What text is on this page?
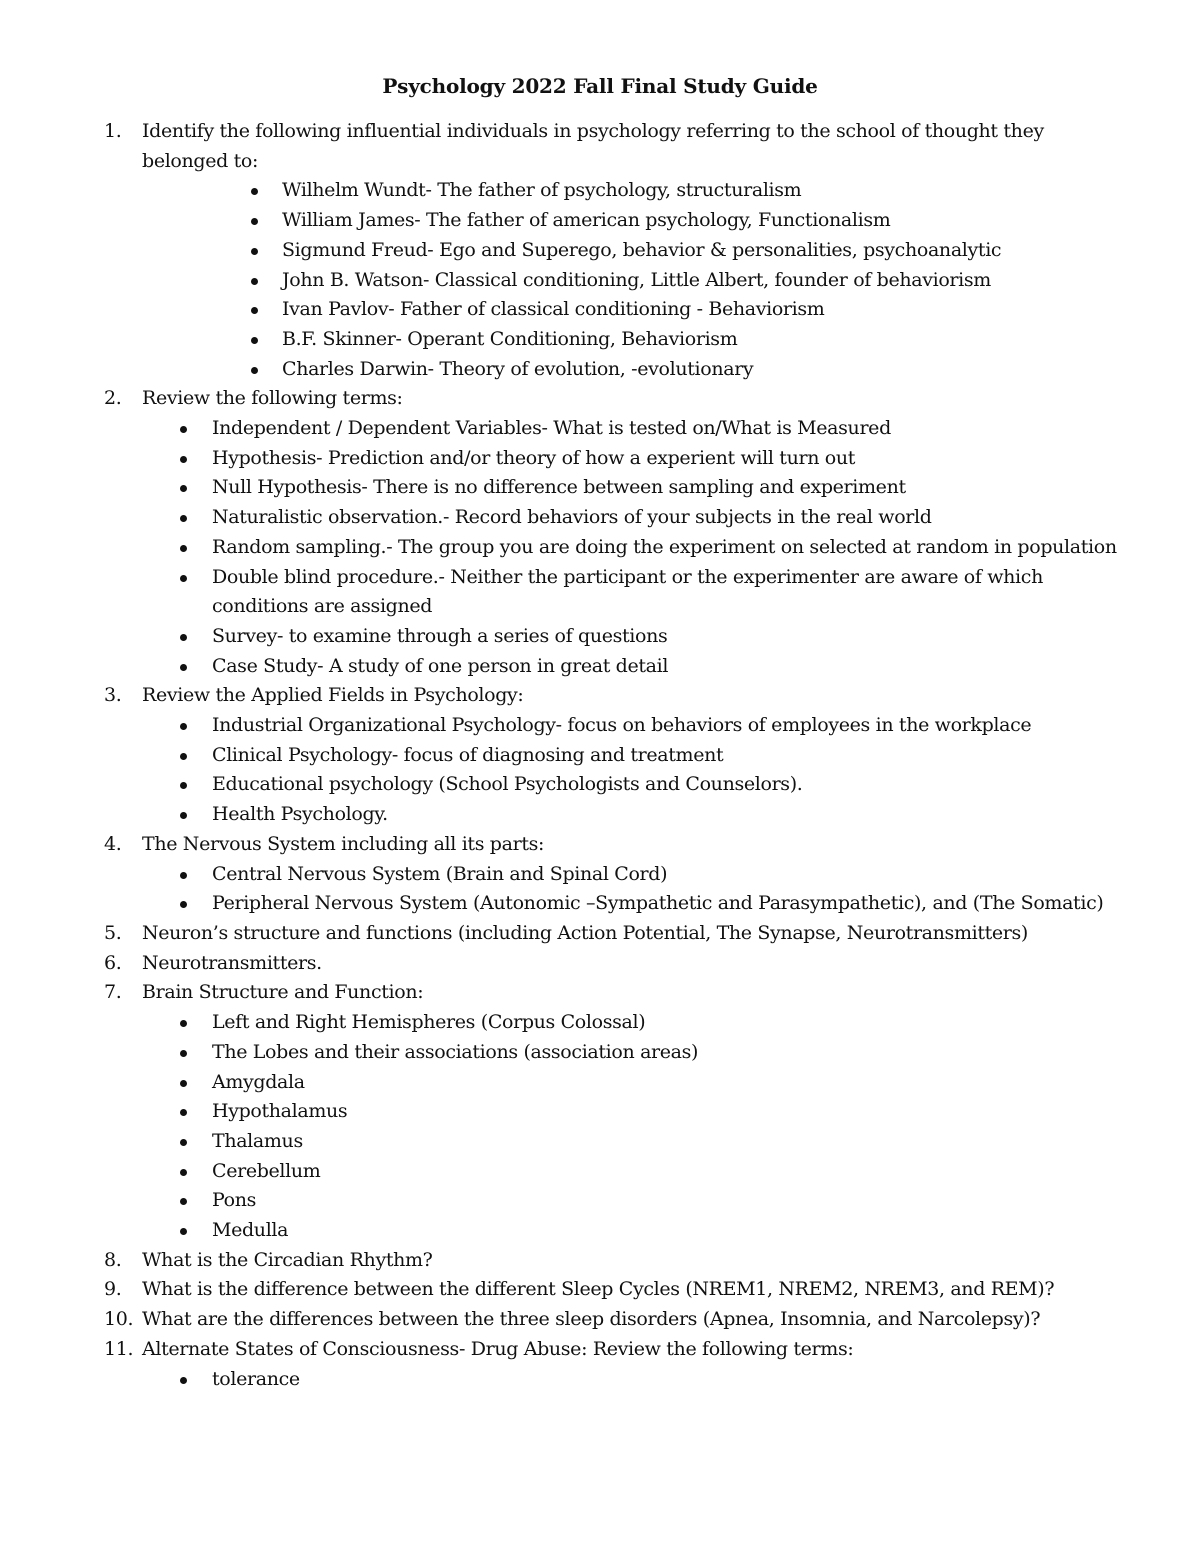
Psychology 2022 Fall Final Study Guide
1.	Identify the following influential individuals in psychology referring to the school of thought they belonged to:
Wilhelm Wundt- The father of psychology, structuralism
William James- The father of american psychology, Functionalism
Sigmund Freud- Ego and Superego, behavior & personalities, psychoanalytic
John B. Watson- Classical conditioning, Little Albert, founder of behaviorism
Ivan Pavlov- Father of classical conditioning - Behaviorism
B.F. Skinner- Operant Conditioning, Behaviorism
Charles Darwin- Theory of evolution, -evolutionary
2.	Review the following terms:
Independent / Dependent Variables- What is tested on/What is Measured
Hypothesis- Prediction and/or theory of how a experient will turn out
Null Hypothesis- There is no difference between sampling and experiment
Naturalistic observation.- Record behaviors of your subjects in the real world
Random sampling.- The group you are doing the experiment on selected at random in population
Double blind procedure.- Neither the participant or the experimenter are aware of which conditions are assigned
Survey- to examine through a series of questions
Case Study- A study of one person in great detail
3.	Review the Applied Fields in Psychology:
Industrial Organizational Psychology- focus on behaviors of employees in the workplace
Clinical Psychology- focus of diagnosing and treatment
Educational psychology (School Psychologists and Counselors).
Health Psychology.
4.	The Nervous System including all its parts:
Central Nervous System (Brain and Spinal Cord)
Peripheral Nervous System (Autonomic –Sympathetic and Parasympathetic), and (The Somatic)
5.	Neuron’s structure and functions (including Action Potential, The Synapse, Neurotransmitters)
6.	Neurotransmitters.
7.	Brain Structure and Function:
Left and Right Hemispheres (Corpus Colossal)
The Lobes and their associations (association areas)
Amygdala
Hypothalamus
Thalamus
Cerebellum
Pons
Medulla
8.	What is the Circadian Rhythm?
9.	What is the difference between the different Sleep Cycles (NREM1, NREM2, NREM3, and REM)?
10. What are the differences between the three sleep disorders (Apnea, Insomnia, and Narcolepsy)?
11. Alternate States of Consciousness- Drug Abuse: Review the following terms:
tolerance
